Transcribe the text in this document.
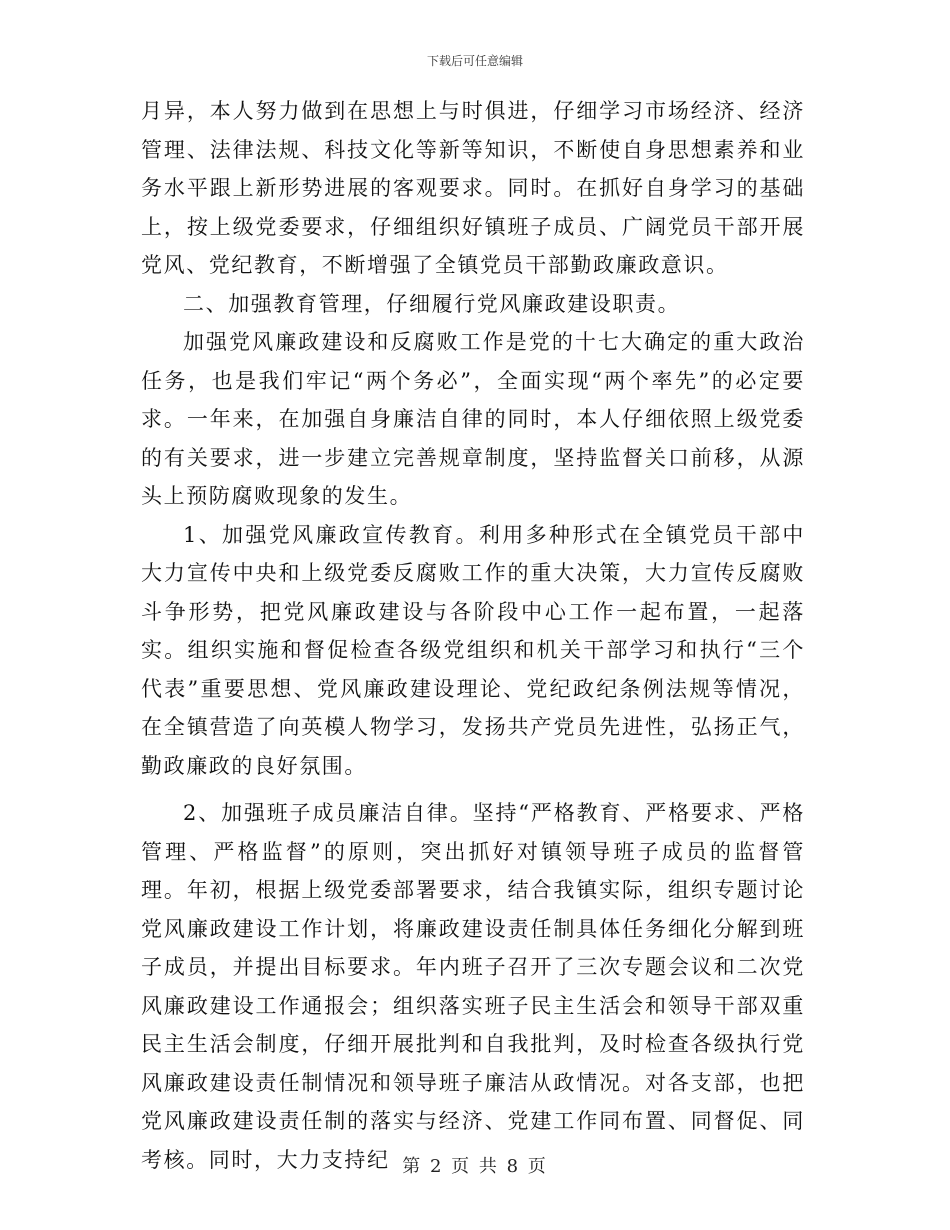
下载后可任意编辑

月异，本人努力做到在思想上与时俱进，仔细学习市场经济、经济管理、法律法规、科技文化等新等知识，不断使自身思想素养和业务水平跟上新形势进展的客观要求。同时。在抓好自身学习的基础上，按上级党委要求，仔细组织好镇班子成员、广阔党员干部开展党风、党纪教育，不断增强了全镇党员干部勤政廉政意识。

二、加强教育管理，仔细履行党风廉政建设职责。

加强党风廉政建设和反腐败工作是党的十七大确定的重大政治任务，也是我们牢记“两个务必”，全面实现“两个率先”的必定要求。一年来，在加强自身廉洁自律的同时，本人仔细依照上级党委的有关要求，进一步建立完善规章制度，坚持监督关口前移，从源头上预防腐败现象的发生。

1、加强党风廉政宣传教育。利用多种形式在全镇党员干部中大力宣传中央和上级党委反腐败工作的重大决策，大力宣传反腐败斗争形势，把党风廉政建设与各阶段中心工作一起布置，一起落实。组织实施和督促检查各级党组织和机关干部学习和执行“三个代表”重要思想、党风廉政建设理论、党纪政纪条例法规等情况，在全镇营造了向英模人物学习，发扬共产党员先进性，弘扬正气，勤政廉政的良好氛围。

2、加强班子成员廉洁自律。坚持“严格教育、严格要求、严格管理、严格监督”的原则，突出抓好对镇领导班子成员的监督管理。年初，根据上级党委部署要求，结合我镇实际，组织专题讨论党风廉政建设工作计划，将廉政建设责任制具体任务细化分解到班子成员，并提出目标要求。年内班子召开了三次专题会议和二次党风廉政建设工作通报会；组织落实班子民主生活会和领导干部双重民主生活会制度，仔细开展批判和自我批判，及时检查各级执行党风廉政建设责任制情况和领导班子廉洁从政情况。对各支部，也把党风廉政建设责任制的落实与经济、党建工作同布置、同督促、同考核。同时，大力支持纪 第 2 页 共 8 页
